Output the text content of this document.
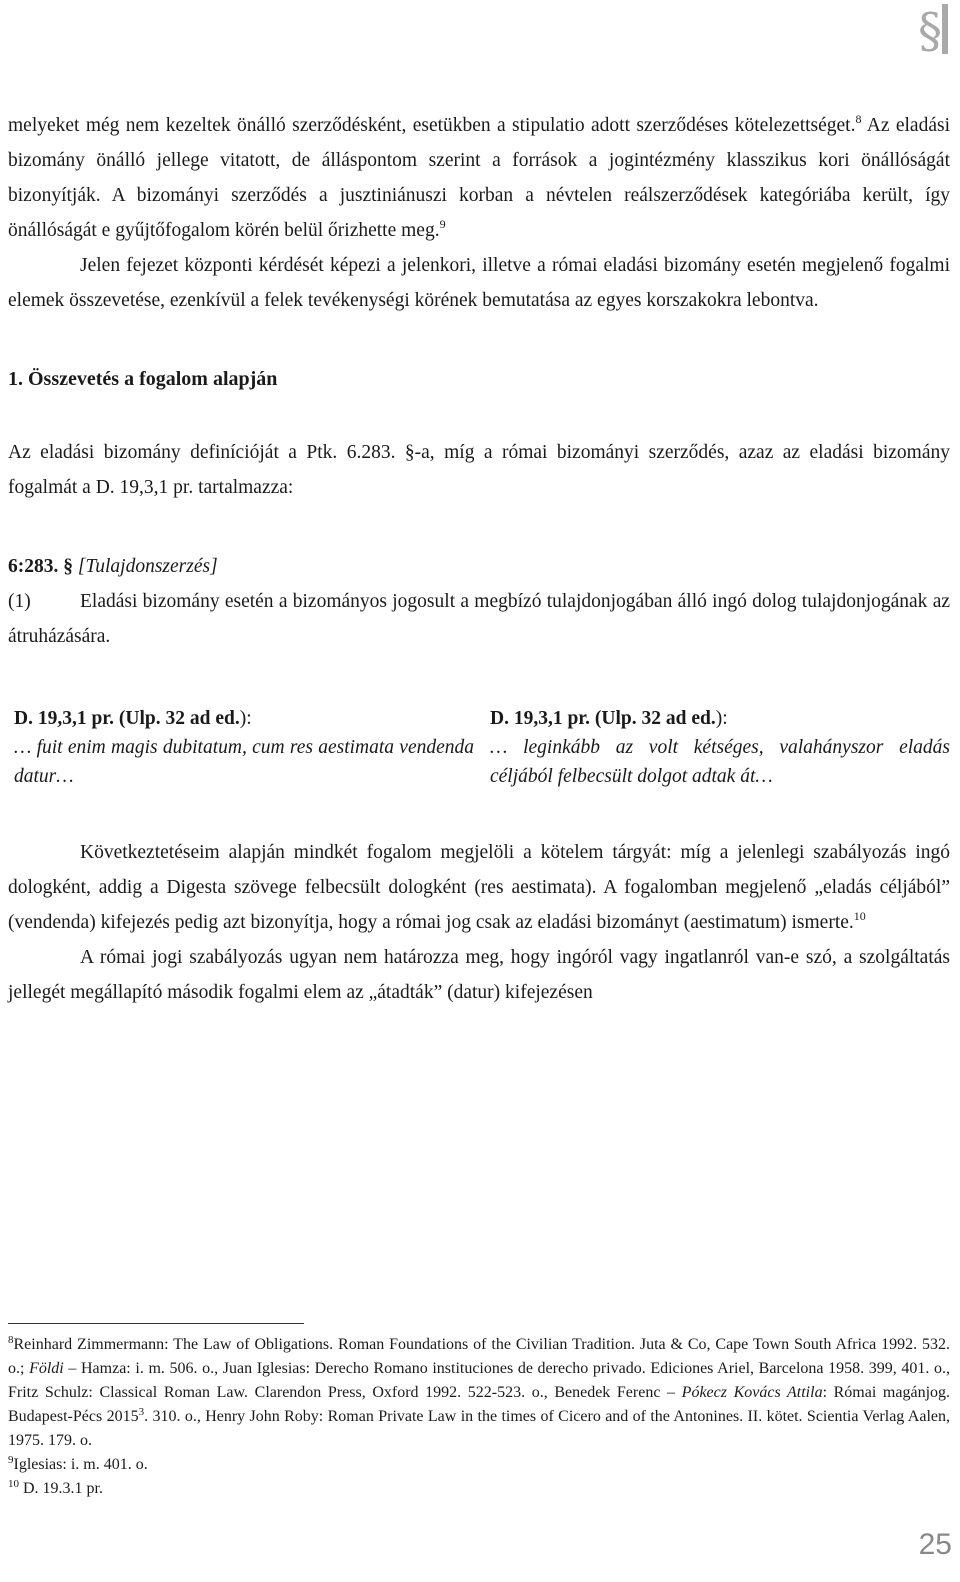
§

melyeket még nem kezeltek önálló szerződésként, esetükben a stipulatio adott szerződéses kötelezettséget.$^8$ Az eladási bizomány önálló jellege vitatott, de álláspontom szerint a források a jogintézmény klasszikus kori önállóságát bizonyítják. A bizományi szerződés a jusztiniánuszi korban a névtelen reálszerződések kategóriába került, így önállóságát e gyűjtőfogalom körén belül őrizhette meg.$^9$

Jelen fejezet központi kérdését képezi a jelenkori, illetve a római eladási bizomány esetén megjelenő fogalmi elemek összevetése, ezenkívül a felek tevékenységi körének bemutatása az egyes korszakokra lebontva.

1. Összevetés a fogalom alapján

Az eladási bizomány definícióját a Ptk. 6.283. §-a, míg a római bizományi szerződés, azaz az eladási bizomány fogalmát a D. 19,3,1 pr. tartalmazza:

6:283. § [Tulajdonszerzés]

(1)	Eladási bizomány esetén a bizományos jogosult a megbízó tulajdonjogában álló ingó dolog tulajdonjogának az átruházására.

D. 19,3,1 pr. (Ulp. 32 ad ed.):
… fuit enim magis dubitatum, cum res aestimata vendenda datur…
D. 19,3,1 pr. (Ulp. 32 ad ed.):
… leginkább az volt kétséges, valahányszor eladás céljából felbecsült dolgot adtak át…

Következtetéseim alapján mindkét fogalom megjelöli a kötelem tárgyát: míg a jelenlegi szabályozás ingó dologként, addig a Digesta szövege felbecsült dologként (res aestimata). A fogalomban megjelenő „eladás céljából” (vendenda) kifejezés pedig azt bizonyítja, hogy a római jog csak az eladási bizományt (aestimatum) ismerte.$^{10}$

A római jogi szabályozás ugyan nem határozza meg, hogy ingóról vagy ingatlanról van-e szó, a szolgáltatás jellegét megállapító második fogalmi elem az „átadták” (datur) kifejezésen

$^8$Reinhard Zimmermann: The Law of Obligations. Roman Foundations of the Civilian Tradition. Juta & Co, Cape Town South Africa 1992. 532. o.; Földi – Hamza: i. m. 506. o., Juan Iglesias: Derecho Romano instituciones de derecho privado. Ediciones Ariel, Barcelona 1958. 399, 401. o., Fritz Schulz: Classical Roman Law. Clarendon Press, Oxford 1992. 522-523. o., Benedek Ferenc – Pókecz Kovács Attila: Római magánjog. Budapest-Pécs 2015$^3$. 310. o., Henry John Roby: Roman Private Law in the times of Cicero and of the Antonines. II. kötet. Scientia Verlag Aalen, 1975. 179. o.

$^9$Iglesias: i. m. 401. o.

$^{10}$ D. 19.3.1 pr.

25
